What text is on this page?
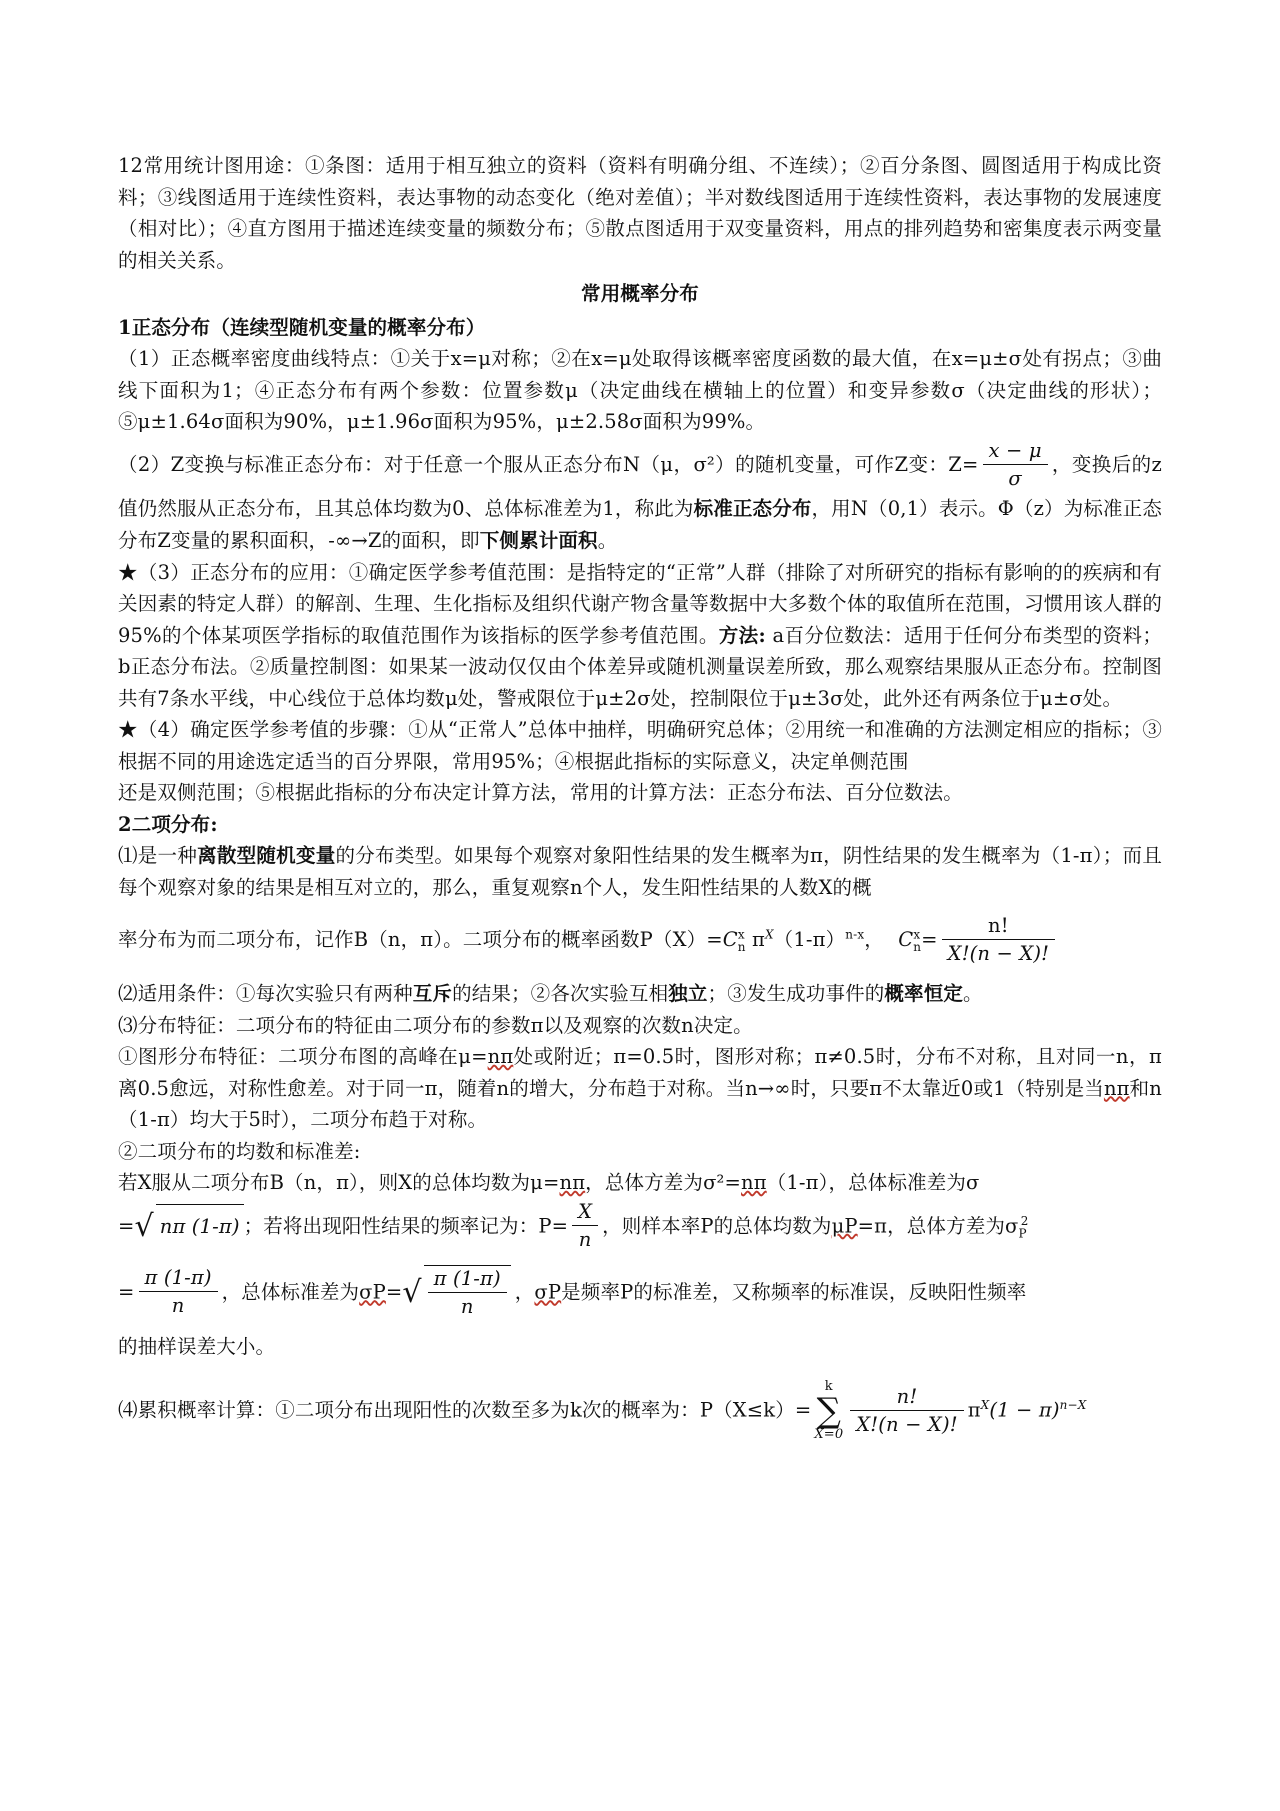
12常用统计图用途：①条图：适用于相互独立的资料（资料有明确分组、不连续）；②百分条图、圆图适用于构成比资料；③线图适用于连续性资料，表达事物的动态变化（绝对差值）；半对数线图适用于连续性资料，表达事物的发展速度（相对比）；④直方图用于描述连续变量的频数分布；⑤散点图适用于双变量资料，用点的排列趋势和密集度表示两变量的相关关系。

常用概率分布

1正态分布（连续型随机变量的概率分布）

（1）正态概率密度曲线特点：①关于x=μ对称；②在x=μ处取得该概率密度函数的最大值，在x=μ±σ处有拐点；③曲线下面积为1；④正态分布有两个参数：位置参数μ（决定曲线在横轴上的位置）和变异参数σ（决定曲线的形状）；⑤μ±1.64σ面积为90%，μ±1.96σ面积为95%，μ±2.58σ面积为99%。

（2）Z变换与标准正态分布：对于任意一个服从正态分布N（μ，σ²）的随机变量，可作Z变：$Z= \frac{x - \mu}{\sigma}$ ，变换后的z值仍然服从正态分布，且其总体均数为0、总体标准差为1，称此为标准正态分布，用N（0,1）表示。Φ（z）为标准正态分布Z变量的累积面积，-∞→Z的面积，即下侧累计面积。

★（3）正态分布的应用：①确定医学参考值范围：是指特定的“正常”人群（排除了对所研究的指标有影响的的疾病和有关因素的特定人群）的解剖、生理、生化指标及组织代谢产物含量等数据中大多数个体的取值所在范围，习惯用该人群的95%的个体某项医学指标的取值范围作为该指标的医学参考值范围。方法: a百分位数法：适用于任何分布类型的资料；b正态分布法。②质量控制图：如果某一波动仅仅由个体差异或随机测量误差所致，那么观察结果服从正态分布。控制图共有7条水平线，中心线位于总体均数μ处，警戒限位于μ±2σ处，控制限位于μ±3σ处，此外还有两条位于μ±σ处。

★（4）确定医学参考值的步骤：①从“正常人”总体中抽样，明确研究总体；②用统一和准确的方法测定相应的指标；③根据不同的用途选定适当的百分界限，常用95%；④根据此指标的实际意义，决定单侧范围

还是双侧范围；⑤根据此指标的分布决定计算方法，常用的计算方法：正态分布法、百分位数法。

2二项分布:

⑴是一种离散型随机变量的分布类型。如果每个观察对象阳性结果的发生概率为π，阴性结果的发生概率为（1-π）；而且每个观察对象的结果是相互对立的，那么，重复观察n个人，发生阳性结果的人数X的概

率分布为而二项分布，记作B（n，π）。二项分布的概率函数$P(X)=C^x_n$ $\pi^X(1-\pi)^{n-x}$， $C^x_n= \frac{n!}{X!(n - X)!}$

⑵适用条件：①每次实验只有两种互斥的结果；②各次实验互相独立；③发生成功事件的概率恒定。

⑶分布特征：二项分布的特征由二项分布的参数π以及观察的次数n决定。

①图形分布特征：二项分布图的高峰在μ=nπ处或附近；π=0.5时，图形对称；π≠0.5时，分布不对称，且对同一n，π离0.5愈远，对称性愈差。对于同一π，随着n的增大，分布趋于对称。当n→∞时，只要π不太靠近0或1（特别是当nπ和n（1-π）均大于5时），二项分布趋于对称。

②二项分布的均数和标准差:

若X服从二项分布B（n，π），则X的总体均数为μ=nπ，总体方差为σ²=nπ（1-π），总体标准差为σ

=√ nπ (1-π) ；若将出现阳性结果的频率记为：$P= \frac{X}{n}$ ，则样本率P的总体均数为μP=π，总体方差为$\sigma_P^2$

= $\frac{\pi (1-\pi)}{n}$ ，总体标准差为$\sigma P=√ \frac{\pi (1-\pi)}{n}$ ，σP是频率P的标准差，又称频率的标准误，反映阳性频率

的抽样误差大小。

⑷累积概率计算：①二项分布出现阳性的次数至多为k次的概率为：P（X≤k）=
k
∑
$X=0 \frac{n!}{X!(n - X)!} \pi^X(1 - \pi)^{n-X}$
